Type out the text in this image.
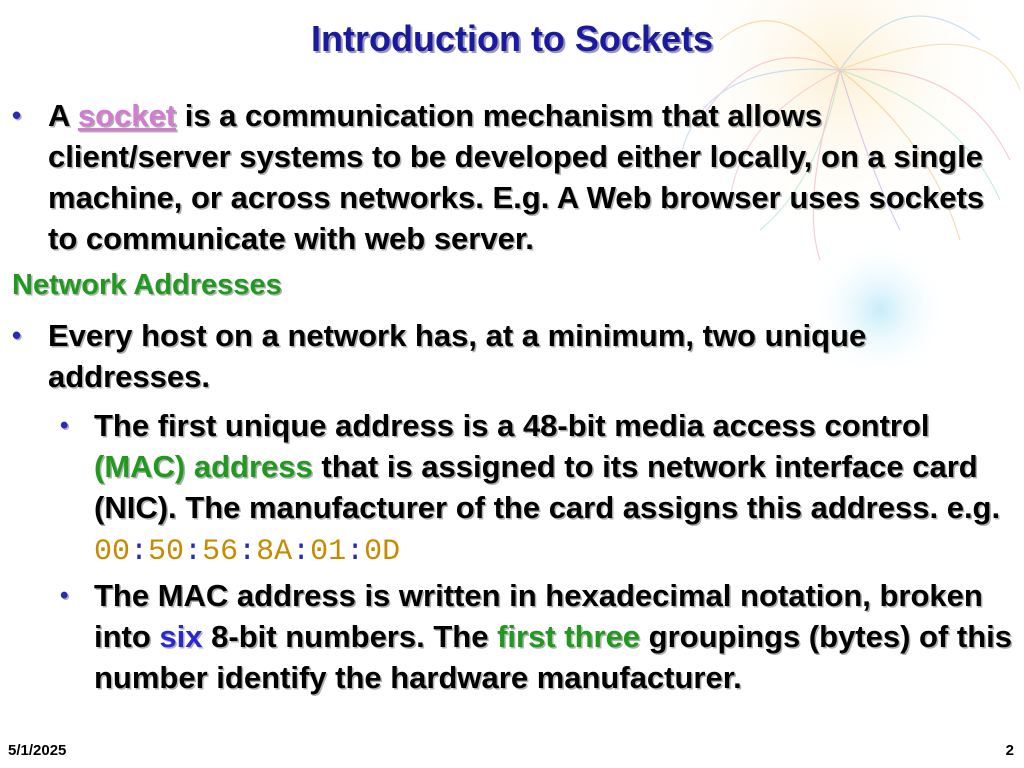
Introduction to Sockets
• A socket is a communication mechanism that allows client/server systems to be developed either locally, on a single machine, or across networks. E.g. A Web browser uses sockets to communicate with web server.
Network Addresses
• Every host on a network has, at a minimum, two unique addresses.
• The first unique address is a 48-bit media access control (MAC) address that is assigned to its network interface card (NIC). The manufacturer of the card assigns this address. e.g. 00:50:56:8A:01:0D
• The MAC address is written in hexadecimal notation, broken into six 8-bit numbers. The first three groupings (bytes) of this number identify the hardware manufacturer.
5/1/2025	2
